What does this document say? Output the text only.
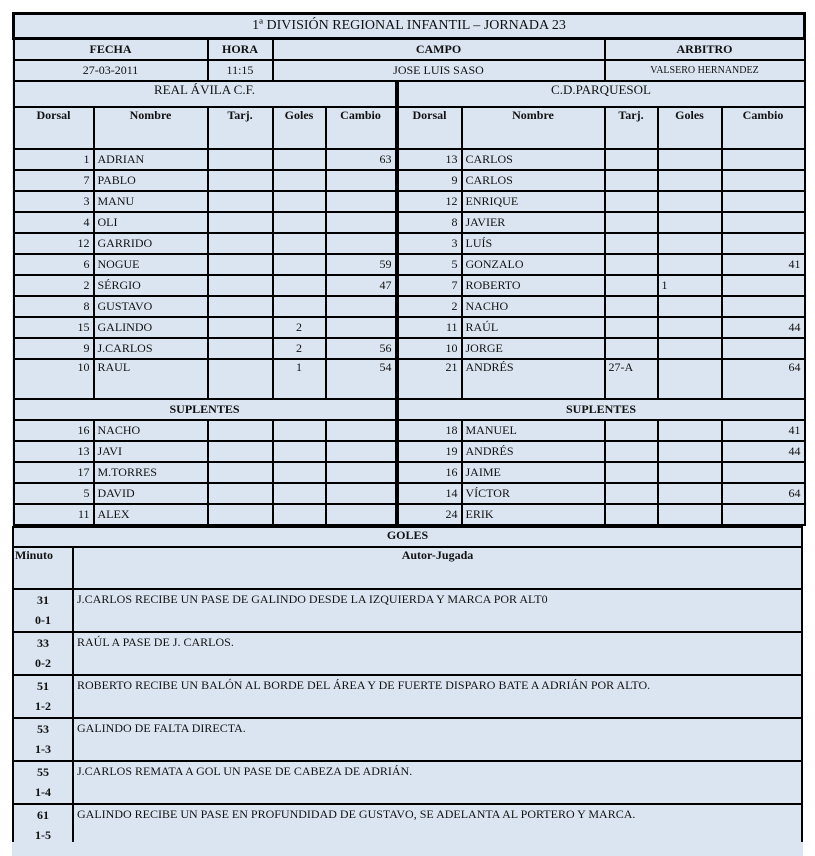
1ª DIVISIÓN REGIONAL INFANTIL – JORNADA 23									
FECHA		HORA	CAMPO				ARBITRO		
27-03-2011		11:15	JOSE LUIS SASO				VALSERO HERNANDEZ		
REAL ÁVILA C.F.					C.D.PARQUESOL				
Dorsal	Nombre	Tarj.	Goles	Cambio	Dorsal	Nombre	Tarj.	Goles	Cambio
1	ADRIAN			63	13	CARLOS			
7	PABLO				9	CARLOS			
3	MANU				12	ENRIQUE			
4	OLI				8	JAVIER			
12	GARRIDO				3	LUÍS			
6	NOGUE			59	5	GONZALO			41
2	SÉRGIO			47	7	ROBERTO		1	
8	GUSTAVO				2	NACHO			
15	GALINDO		2		11	RAÚL			44
9	J.CARLOS		2	56	10	JORGE			
10	RAUL		1	54	21	ANDRÉS	27-A		64
SUPLENTES					SUPLENTES				
16	NACHO				18	MANUEL			41
13	JAVI				19	ANDRÉS			44
17	M.TORRES				16	JAIME			
5	DAVID				14	VÍCTOR			64
11	ALEX				24	ERIK			
GOLES	
Minuto	Autor-Jugada

31
0-1	J.CARLOS RECIBE UN PASE DE GALINDO DESDE LA IZQUIERDA Y MARCA POR ALT0

33
0-2	RAÚL A PASE DE J. CARLOS.

51
1-2	ROBERTO RECIBE UN BALÓN AL BORDE DEL ÁREA Y DE FUERTE DISPARO BATE A ADRIÁN POR ALTO.

53
1-3	GALINDO DE FALTA DIRECTA.

55
1-4	J.CARLOS REMATA A GOL UN PASE DE CABEZA DE ADRIÁN.

61
1-5	GALINDO RECIBE UN PASE EN PROFUNDIDAD DE GUSTAVO, SE ADELANTA AL PORTERO Y MARCA.
